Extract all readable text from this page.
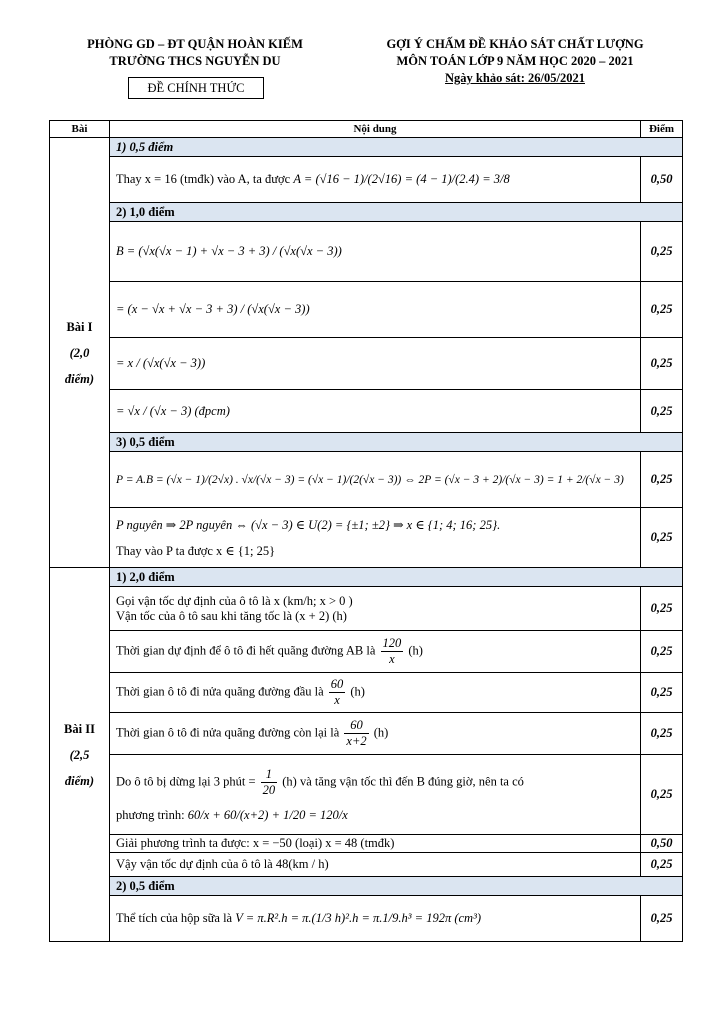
PHÒNG GD – ĐT QUẬN HOÀN KIẾM
TRƯỜNG THCS NGUYỄN DU
ĐỀ CHÍNH THỨC
GỢI Ý CHẤM ĐỀ KHẢO SÁT CHẤT LƯỢNG
MÔN TOÁN LỚP 9 NĂM HỌC 2020 – 2021
Ngày khảo sát: 26/05/2021
Bài	Nội dung	Điểm

Bài I
(2,0
điểm)	1) 0,5 điểm	
	Thay x = 16 (tmđk) vào A, ta được A = (√16 − 1)/(2√16) = (4 − 1)/(2.4) = 3/8	0,50
	2) 1,0 điểm	
	B = (√x(√x − 1) + √x − 3 + 3) / (√x(√x − 3))	0,25
	= (x − √x + √x − 3 + 3) / (√x(√x − 3))	0,25
	= x / (√x(√x − 3))	0,25
	= √x / (√x − 3) (đpcm)	0,25
	3) 0,5 điểm	
	P = A.B = (√x − 1)/(2√x) . √x/(√x − 3) = (√x − 1)/(2(√x − 3)) ⇔ 2P = (√x − 3 + 2)/(√x − 3) = 1 + 2/(√x − 3)	0,25

	P nguyên ⇒ 2P nguyên ⇔ (√x − 3) ∈ U(2) = {±1; ±2} ⇒ x ∈ {1; 4; 16; 25}.
Thay vào P ta được x ∈ {1; 25}	0,25

Bài II
(2,5
điểm)	1) 2,0 điểm	

	Gọi vận tốc dự định của ô tô là x (km/h; x > 0 )
Vận tốc của ô tô sau khi tăng tốc là (x + 2) (h)	0,25
	Thời gian dự định để ô tô đi hết quãng đường AB là $\frac{120}{x} (h)$	0,25
	Thời gian ô tô đi nửa quãng đường đầu là $\frac{60}{x} (h)$	0,25
	Thời gian ô tô đi nửa quãng đường còn lại là $\frac{60}{x+2} (h)$	0,25

	Do ô tô bị dừng lại 3 phút = $\frac{1}{20} (h)$ và tăng vận tốc thì đến B đúng giờ, nên ta có
phương trình: 60/x + 60/(x+2) + 1/20 = 120/x	0,25
	Giải phương trình ta được: x = −50 (loại) x = 48 (tmđk)	0,50
	Vậy vận tốc dự định của ô tô là 48(km / h)	0,25
	2) 0,5 điểm	
	Thể tích của hộp sữa là V = π.R².h = π.(1/3 h)².h = π.1/9.h³ = 192π (cm³)	0,25
